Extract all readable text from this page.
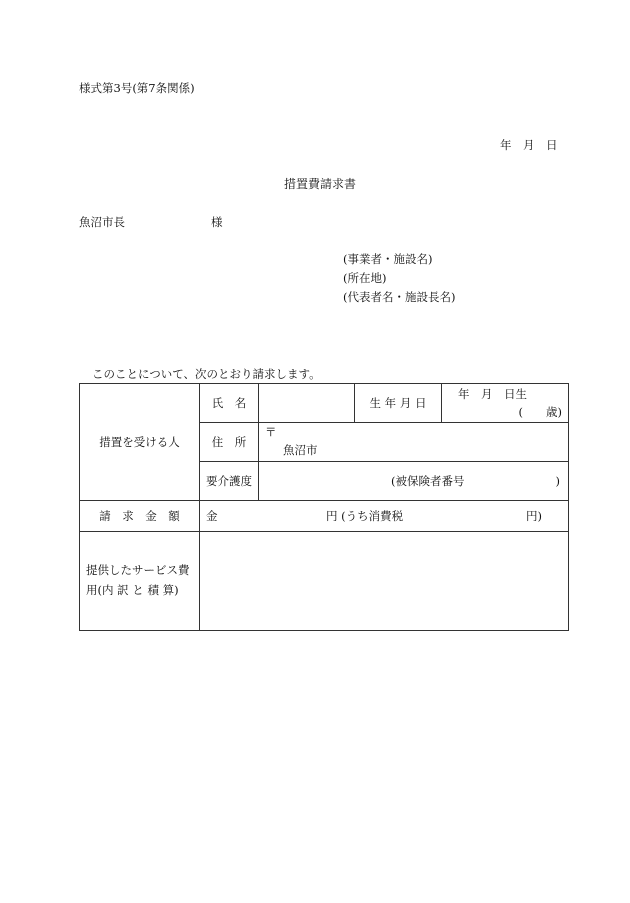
様式第3号(第7条関係)
年　月　日
措置費請求書
魚沼市長	様
(事業者・施設名)
(所在地)
(代表者名・施設長名)
このことについて、次のとおり請求します。
措置を受ける人	氏　名		生 年 月 日	年　月　日生
(　　歳)

	住　所	〒
魚沼市		

	要介護度	(被保険者番号 )		

請　求　金　額	金 円 (うち消費税 円)			

提供したサービス費
用(内 訳 と 積 算)				
